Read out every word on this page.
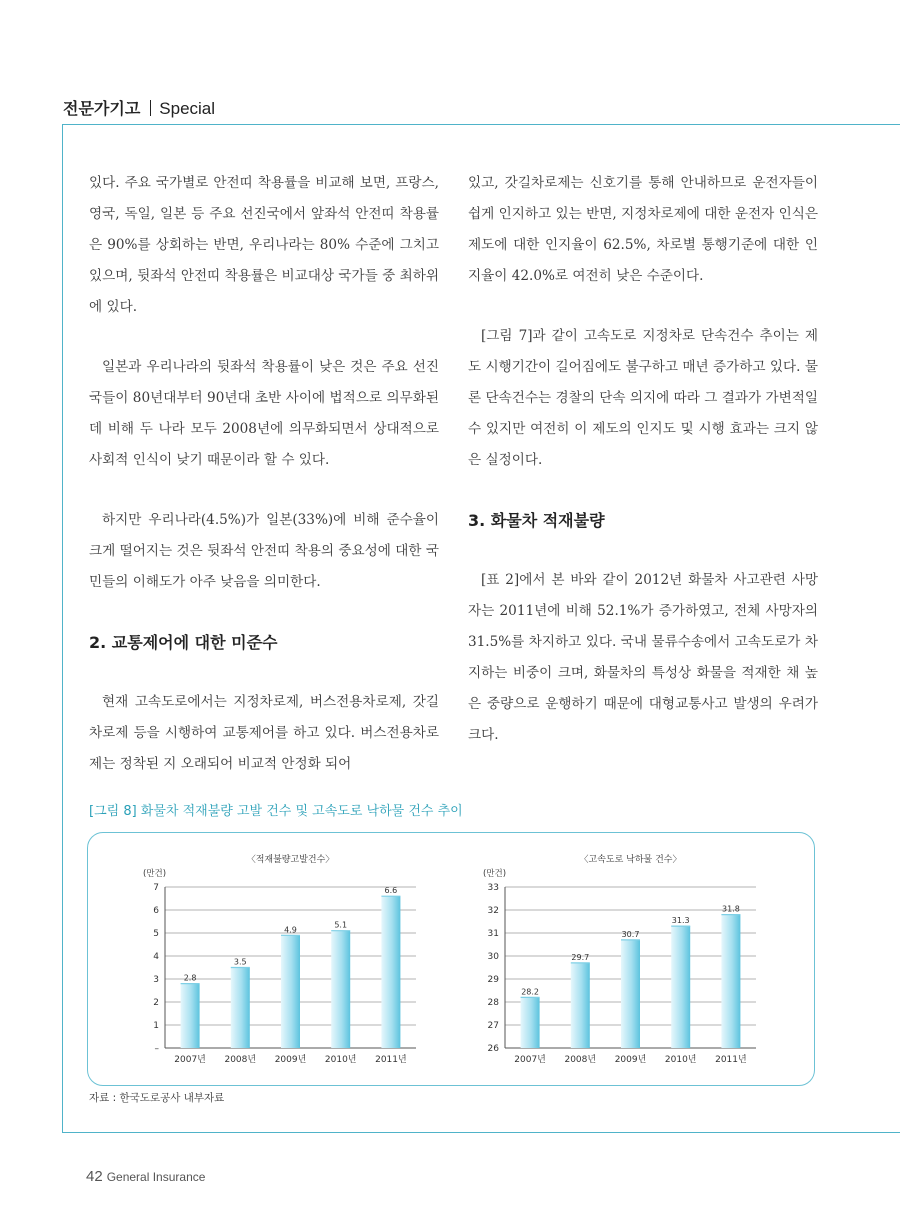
전문가기고 Special

있다. 주요 국가별로 안전띠 착용률을 비교해 보면, 프랑스, 영국, 독일, 일본 등 주요 선진국에서 앞좌석 안전띠 착용률은 90%를 상회하는 반면, 우리나라는 80% 수준에 그치고 있으며, 뒷좌석 안전띠 착용률은 비교대상 국가들 중 최하위에 있다.

일본과 우리나라의 뒷좌석 착용률이 낮은 것은 주요 선진국들이 80년대부터 90년대 초반 사이에 법적으로 의무화된 데 비해 두 나라 모두 2008년에 의무화되면서 상대적으로 사회적 인식이 낮기 때문이라 할 수 있다.

하지만 우리나라(4.5%)가 일본(33%)에 비해 준수율이 크게 떨어지는 것은 뒷좌석 안전띠 착용의 중요성에 대한 국민들의 이해도가 아주 낮음을 의미한다.

2. 교통제어에 대한 미준수

현재 고속도로에서는 지정차로제, 버스전용차로제, 갓길차로제 등을 시행하여 교통제어를 하고 있다. 버스전용차로제는 정착된 지 오래되어 비교적 안정화 되어

있고, 갓길차로제는 신호기를 통해 안내하므로 운전자들이 쉽게 인지하고 있는 반면, 지정차로제에 대한 운전자 인식은 제도에 대한 인지율이 62.5%, 차로별 통행기준에 대한 인지율이 42.0%로 여전히 낮은 수준이다.

[그림 7]과 같이 고속도로 지정차로 단속건수 추이는 제도 시행기간이 길어짐에도 불구하고 매년 증가하고 있다. 물론 단속건수는 경찰의 단속 의지에 따라 그 결과가 가변적일 수 있지만 여전히 이 제도의 인지도 및 시행 효과는 크지 않은 실정이다.

3. 화물차 적재불량

[표 2]에서 본 바와 같이 2012년 화물차 사고관련 사망자는 2011년에 비해 52.1%가 증가하였고, 전체 사망자의 31.5%를 차지하고 있다. 국내 물류수송에서 고속도로가 차지하는 비중이 크며, 화물차의 특성상 화물을 적재한 채 높은 중량으로 운행하기 때문에 대형교통사고 발생의 우려가 크다.

[그림 8] 화물차 적재불량 고발 건수 및 고속도로 낙하물 건수 추이
〈적재불량고발건수〉
(만건)
–
1
2
3
4
5
6
7
2.8
2007년
3.5
2008년
4.9
2009년
5.1
2010년
6.6
2011년
〈고속도로 낙하물 건수〉
(만건)
26
27
28
29
30
31
32
33
28.2
2007년
29.7
2008년
30.7
2009년
31.3
2010년
31.8
2011년
자료 : 한국도로공사 내부자료
42 General Insurance
